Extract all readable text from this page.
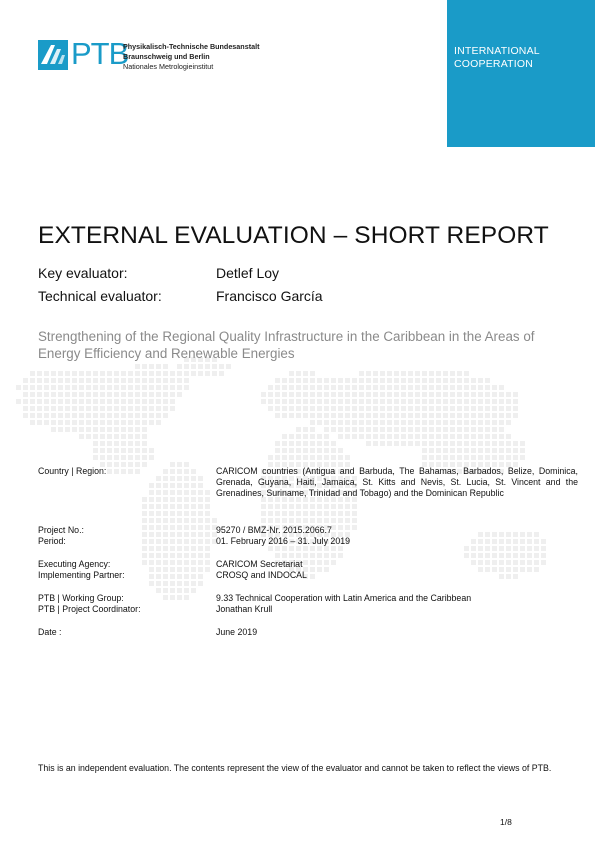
PTB
Physikalisch-Technische Bundesanstalt
Braunschweig und Berlin
Nationales Metrologieinstitut
INTERNATIONAL
COOPERATION
EXTERNAL EVALUATION – SHORT REPORT
Key evaluator:	Detlef Loy
Technical evaluator:	Francisco García
Strengthening of the Regional Quality Infrastructure in the Caribbean in the Areas of Energy Efficiency and Renewable Energies
Country | Region:	CARICOM countries (Antigua and Barbuda, The Bahamas, Barbados, Belize, Dominica, Grenada, Guyana, Haiti, Jamaica, St. Kitts and Nevis, St. Lucia, St. Vincent and the Grenadines, Suriname, Trinidad and Tobago) and the Dominican Republic
Project No.:	95270 / BMZ-Nr. 2015.2066.7
Period:	01. February 2016 – 31. July 2019
Executing Agency:	CARICOM Secretariat
Implementing Partner:	CROSQ and INDOCAL
PTB | Working Group:	9.33 Technical Cooperation with Latin America and the Caribbean
PTB | Project Coordinator:	Jonathan Krull
Date :	June 2019
This is an independent evaluation. The contents represent the view of the evaluator and cannot be taken to reflect the views of PTB.
1/8
